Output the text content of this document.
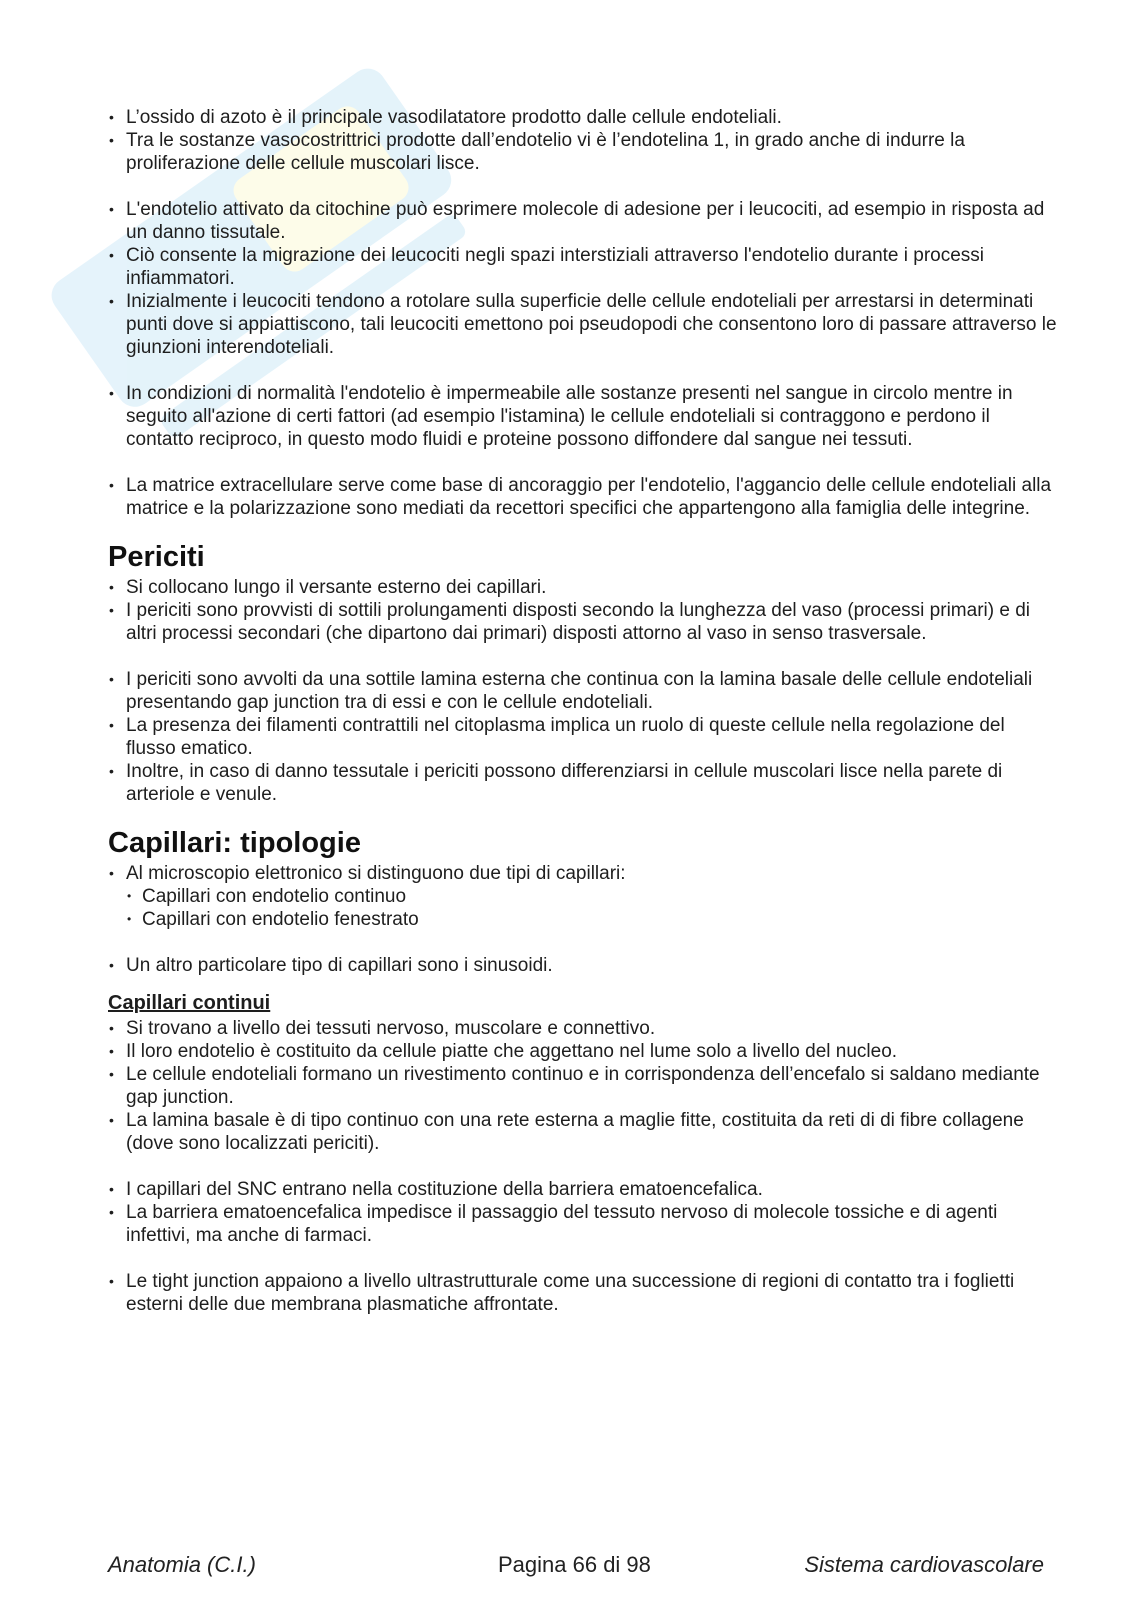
• L’ossido di azoto è il principale vasodilatatore prodotto dalle cellule endoteliali.
• Tra le sostanze vasocostrittrici prodotte dall’endotelio vi è l’endotelina 1, in grado anche di indurre la proliferazione delle cellule muscolari lisce.
• L'endotelio attivato da citochine può esprimere molecole di adesione per i leucociti, ad esempio in risposta ad un danno tissutale.
• Ciò consente la migrazione dei leucociti negli spazi interstiziali attraverso l'endotelio durante i processi infiammatori.
• Inizialmente i leucociti tendono a rotolare sulla superficie delle cellule endoteliali per arrestarsi in determinati punti dove si appiattiscono, tali leucociti emettono poi pseudopodi che consentono loro di passare attraverso le giunzioni interendoteliali.
• In condizioni di normalità l'endotelio è impermeabile alle sostanze presenti nel sangue in circolo mentre in seguito all'azione di certi fattori (ad esempio l'istamina) le cellule endoteliali si contraggono e perdono il contatto reciproco, in questo modo fluidi e proteine possono diffondere dal sangue nei tessuti.
• La matrice extracellulare serve come base di ancoraggio per l'endotelio, l'aggancio delle cellule endoteliali alla matrice e la polarizzazione sono mediati da recettori specifici che appartengono alla famiglia delle integrine.
Periciti
• Si collocano lungo il versante esterno dei capillari.
• I periciti sono provvisti di sottili prolungamenti disposti secondo la lunghezza del vaso (processi primari) e di altri processi secondari (che dipartono dai primari) disposti attorno al vaso in senso trasversale.
• I periciti sono avvolti da una sottile lamina esterna che continua con la lamina basale delle cellule endoteliali presentando gap junction tra di essi e con le cellule endoteliali.
• La presenza dei filamenti contrattili nel citoplasma implica un ruolo di queste cellule nella regolazione del flusso ematico.
• Inoltre, in caso di danno tessutale i periciti possono differenziarsi in cellule muscolari lisce nella parete di arteriole e venule.
Capillari: tipologie
• Al microscopio elettronico si distinguono due tipi di capillari:
• Capillari con endotelio continuo
• Capillari con endotelio fenestrato
• Un altro particolare tipo di capillari sono i sinusoidi.
Capillari continui
• Si trovano a livello dei tessuti nervoso, muscolare e connettivo.
• Il loro endotelio è costituito da cellule piatte che aggettano nel lume solo a livello del nucleo.
• Le cellule endoteliali formano un rivestimento continuo e in corrispondenza dell’encefalo si saldano mediante gap junction.
• La lamina basale è di tipo continuo con una rete esterna a maglie fitte, costituita da reti di di fibre collagene (dove sono localizzati periciti).
• I capillari del SNC entrano nella costituzione della barriera ematoencefalica.
• La barriera ematoencefalica impedisce il passaggio del tessuto nervoso di molecole tossiche e di agenti infettivi, ma anche di farmaci.
• Le tight junction appaiono a livello ultrastrutturale come una successione di regioni di contatto tra i foglietti esterni delle due membrana plasmatiche affrontate.
Anatomia (C.I.)	Pagina 66 di 98	Sistema cardiovascolare
